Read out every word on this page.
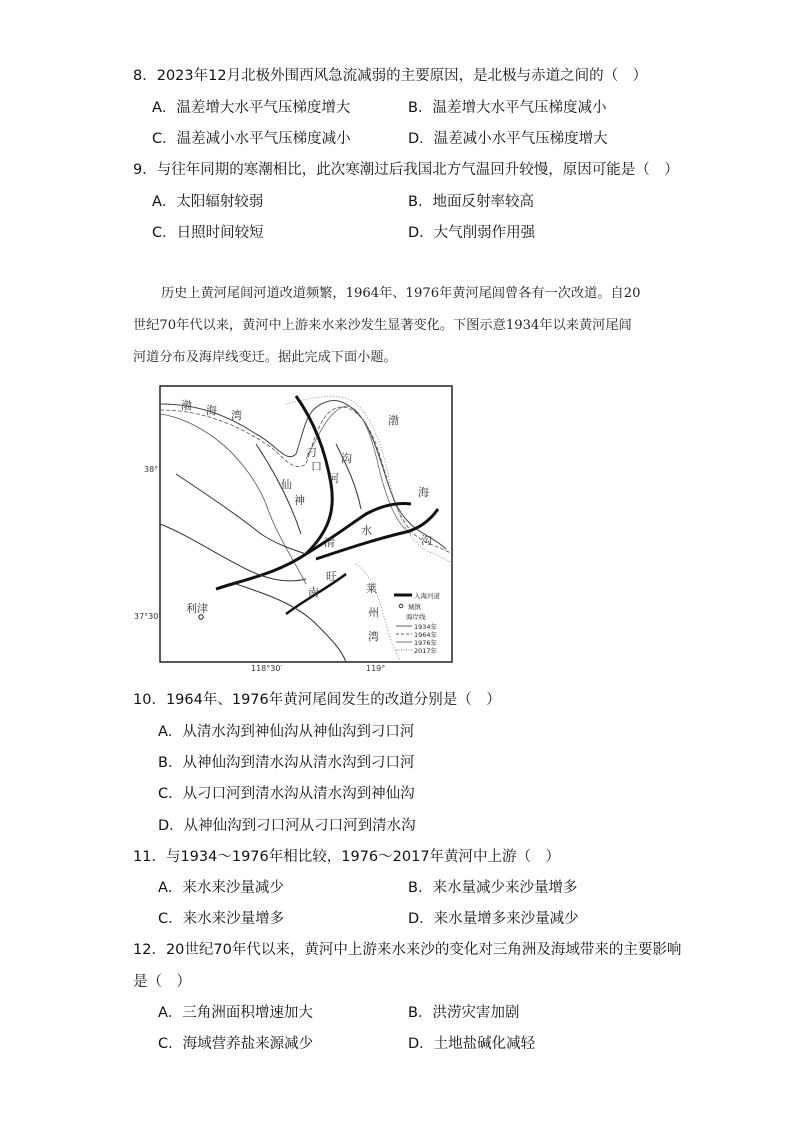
8．2023年12月北极外围西风急流减弱的主要原因，是北极与赤道之间的（　）
A．温差增大水平气压梯度增大	B．温差增大水平气压梯度减小
C．温差减小水平气压梯度减小	D．温差减小水平气压梯度增大
9．与往年同期的寒潮相比，此次寒潮过后我国北方气温回升较慢，原因可能是（　）
A．太阳辐射较弱	B．地面反射率较高
C．日照时间较短	D．大气削弱作用强

历史上黄河尾闾河道改道频繁，1964年、1976年黄河尾闾曾各有一次改道。自20

世纪70年代以来，黄河中上游来水来沙发生显著变化。下图示意1934年以来黄河尾闾

河道分布及海岸线变迁。据此完成下面小题。

渤 海 湾	渤
海
刁
口
河
神
仙
沟
清
水
沟
南
旺
莱
州
湾
利津
38°
37°30′
118°30′	119°
入海河道
城镇
海岸线
1934年
1964年
1976年
2017年
10．1964年、1976年黄河尾闾发生的改道分别是（　）
A．从清水沟到神仙沟从神仙沟到刁口河
B．从神仙沟到清水沟从清水沟到刁口河
C．从刁口河到清水沟从清水沟到神仙沟
D．从神仙沟到刁口河从刁口河到清水沟
11．与1934～1976年相比较，1976～2017年黄河中上游（　）
A．来水来沙量减少	B．来水量减少来沙量增多
C．来水来沙量增多	D．来水量增多来沙量减少
12．20世纪70年代以来，黄河中上游来水来沙的变化对三角洲及海域带来的主要影响
是（　）
A．三角洲面积增速加大	B．洪涝灾害加剧
C．海域营养盐来源减少	D．土地盐碱化减轻
